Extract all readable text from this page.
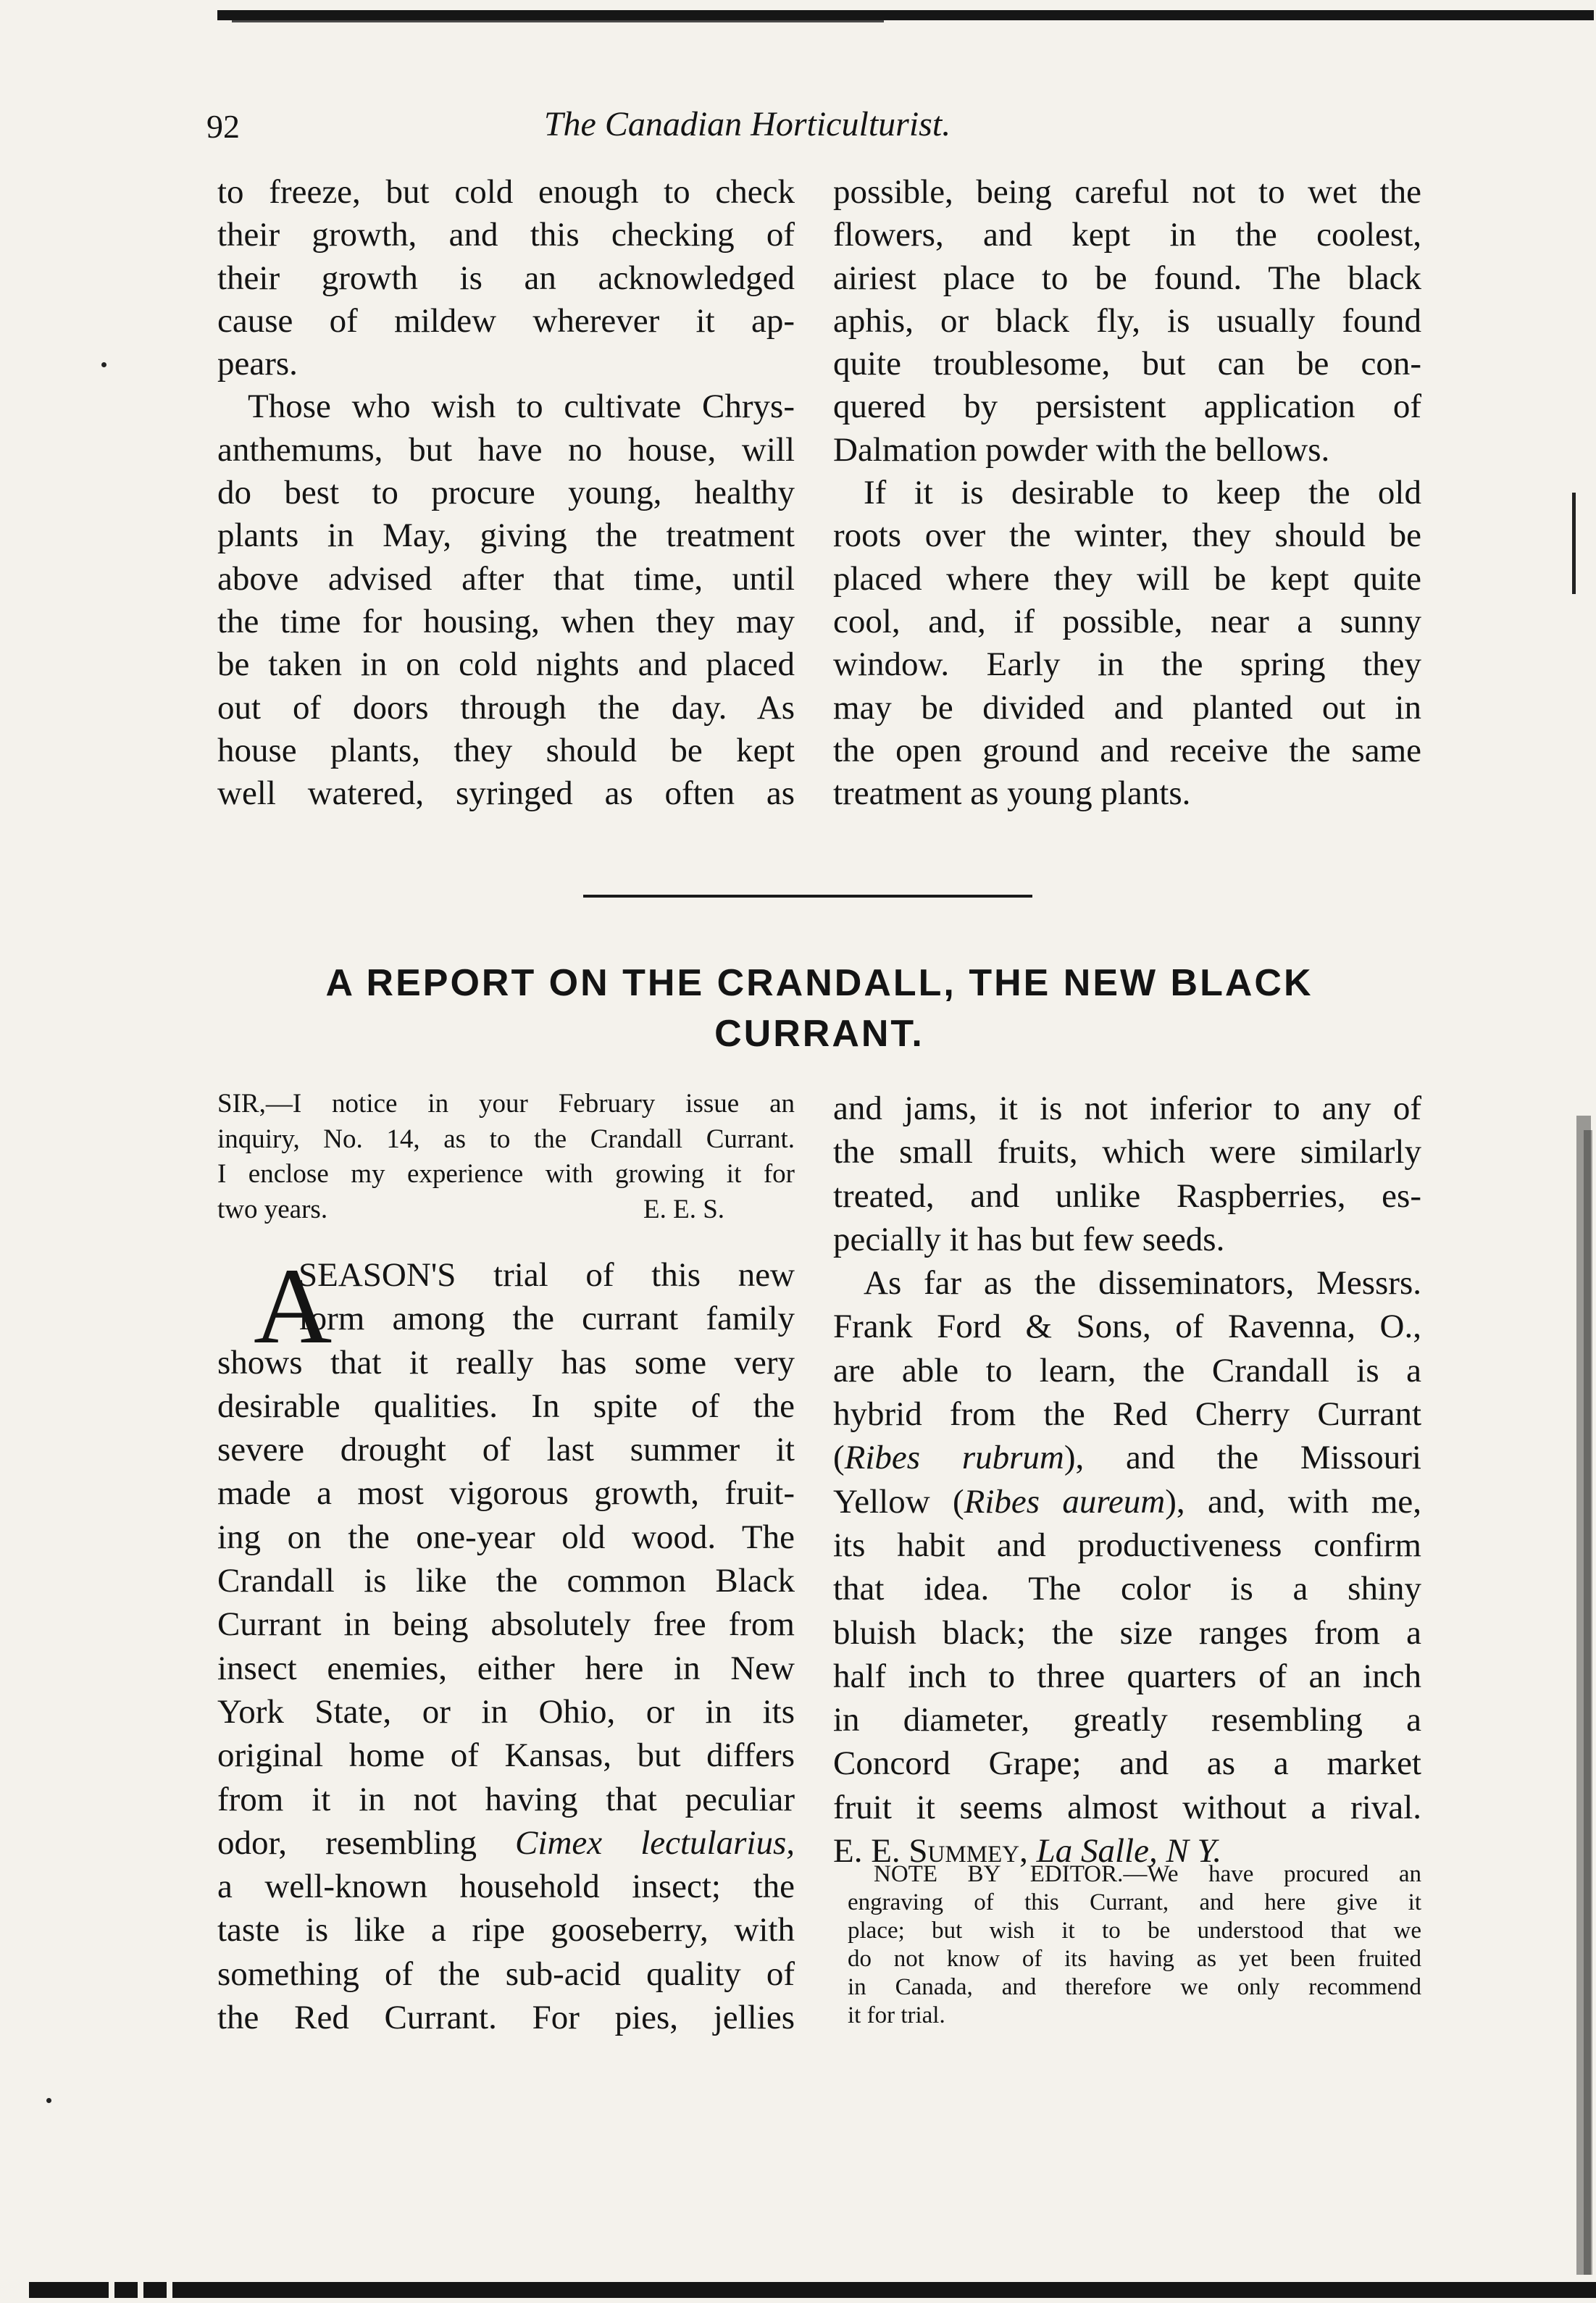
92	The Canadian Horticulturist.
to freeze, but cold enough to check
their growth, and this checking of
their growth is an acknowledged
cause of mildew wherever it ap-
pears.
Those who wish to cultivate Chrys-
anthemums, but have no house, will
do best to procure young, healthy
plants in May, giving the treatment
above advised after that time, until
the time for housing, when they may
be taken in on cold nights and placed
out of doors through the day. As
house plants, they should be kept
well watered, syringed as often as
possible, being careful not to wet the
flowers, and kept in the coolest,
airiest place to be found. The black
aphis, or black fly, is usually found
quite troublesome, but can be con-
quered by persistent application of
Dalmation powder with the bellows.
If it is desirable to keep the old
roots over the winter, they should be
placed where they will be kept quite
cool, and, if possible, near a sunny
window. Early in the spring they
may be divided and planted out in
the open ground and receive the same
treatment as young plants.
A REPORT ON THE CRANDALL, THE NEW BLACK
CURRANT.
SIR,—I notice in your February issue an
inquiry, No. 14, as to the Crandall Currant.
I enclose my experience with growing it for
two years.	E. E. S.
A
SEASON'S trial of this new
form among the currant family
shows that it really has some very
desirable qualities. In spite of the
severe drought of last summer it
made a most vigorous growth, fruit-
ing on the one-year old wood. The
Crandall is like the common Black
Currant in being absolutely free from
insect enemies, either here in New
York State, or in Ohio, or in its
original home of Kansas, but differs
from it in not having that peculiar
odor, resembling Cimex lectularius,
a well-known household insect; the
taste is like a ripe gooseberry, with
something of the sub-acid quality of
the Red Currant. For pies, jellies
and jams, it is not inferior to any of
the small fruits, which were similarly
treated, and unlike Raspberries, es-
pecially it has but few seeds.
As far as the disseminators, Messrs.
Frank Ford & Sons, of Ravenna, O.,
are able to learn, the Crandall is a
hybrid from the Red Cherry Currant
(Ribes rubrum), and the Missouri
Yellow (Ribes aureum), and, with me,
its habit and productiveness confirm
that idea. The color is a shiny
bluish black; the size ranges from a
half inch to three quarters of an inch
in diameter, greatly resembling a
Concord Grape; and as a market
fruit it seems almost without a rival.
E. E. Summey, La Salle, N Y.
NOTE BY EDITOR.—We have procured an
engraving of this Currant, and here give it
place; but wish it to be understood that we
do not know of its having as yet been fruited
in Canada, and therefore we only recommend
it for trial.
